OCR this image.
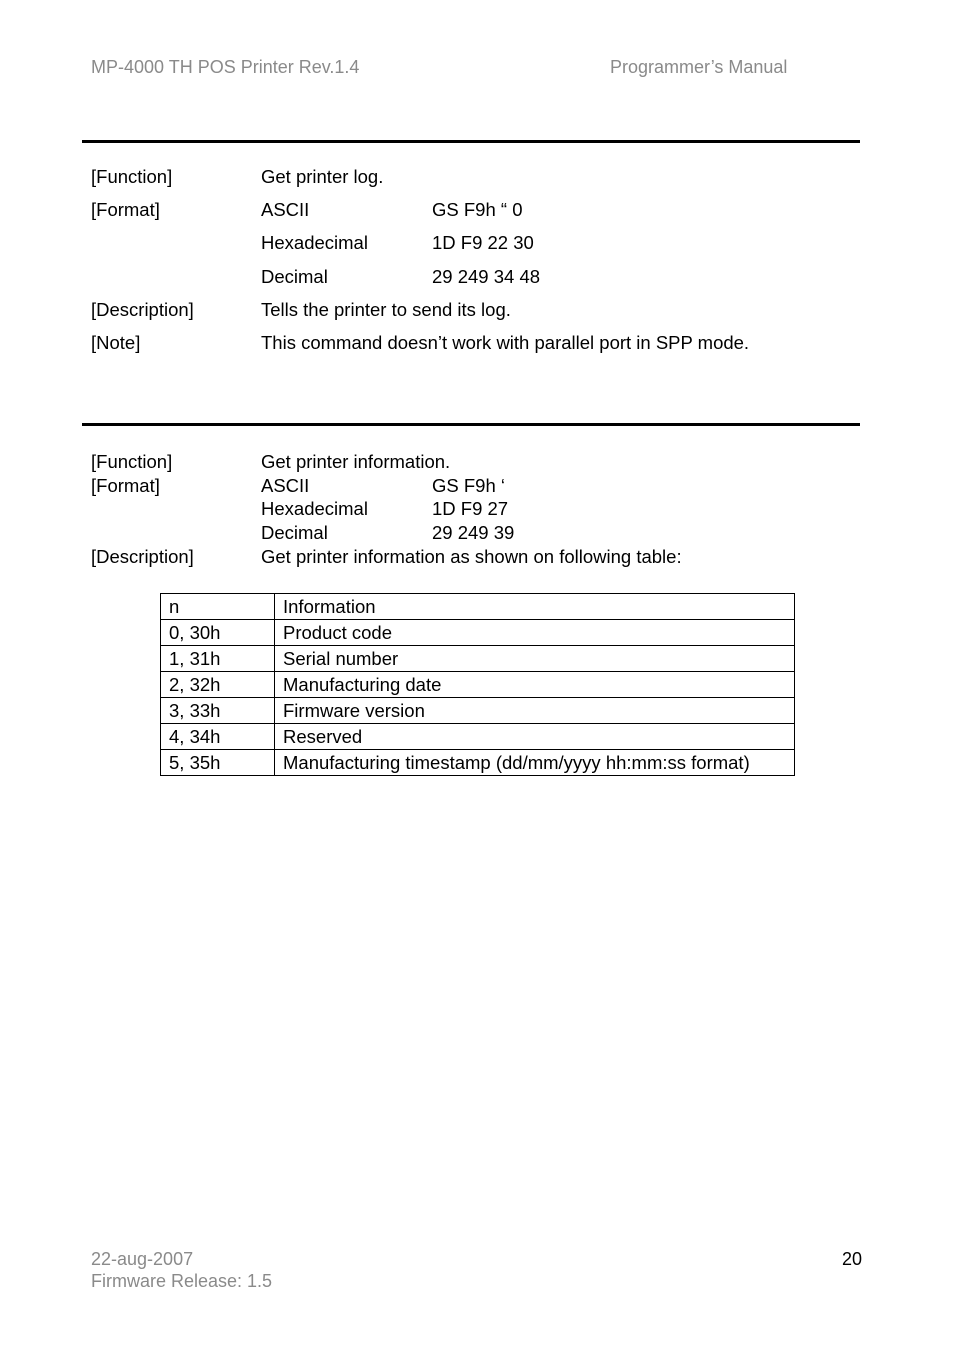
MP-4000 TH POS Printer Rev.1.4	Programmer’s Manual
[Function]	Get printer log.
[Format]	ASCII	GS F9h “ 0
Hexadecimal	1D F9 22 30
Decimal	29 249 34 48
[Description]	Tells the printer to send its log.
[Note]	This command doesn’t work with parallel port in SPP mode.
[Function]	Get printer information.
[Format]	ASCII	GS F9h ‘
Hexadecimal	1D F9 27
Decimal	29 249 39
[Description]	Get printer information as shown on following table:
n	Information
0, 30h	Product code
1, 31h	Serial number
2, 32h	Manufacturing date
3, 33h	Firmware version
4, 34h	Reserved
5, 35h	Manufacturing timestamp (dd/mm/yyyy hh:mm:ss format)
22-aug-2007
Firmware Release: 1.5
20
